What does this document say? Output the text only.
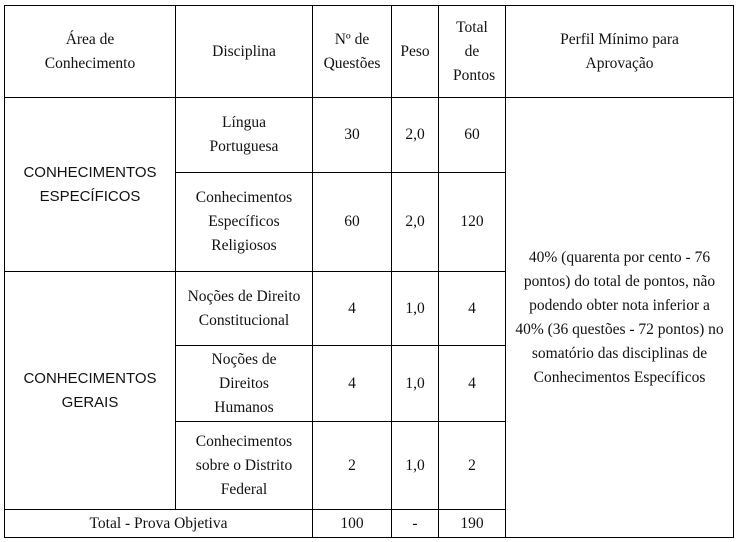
Área de Conhecimento	Disciplina	Nº de Questões	Peso	Total de Pontos	Perfil Mínimo para Aprovação
CONHECIMENTOS ESPECÍFICOS	Língua Portuguesa	30	2,0	60	40% (quarenta por cento - 76 pontos) do total de pontos, não podendo obter nota inferior a 40% (36 questões - 72 pontos) no somatório das disciplinas de Conhecimentos Específicos
	Conhecimentos Específicos Religiosos	60	2,0	120	
CONHECIMENTOS GERAIS	Noções de Direito Constitucional	4	1,0	4	
	Noções de Direitos Humanos	4	1,0	4	
	Conhecimentos sobre o Distrito Federal	2	1,0	2	
Total - Prova Objetiva		100	-	190	
